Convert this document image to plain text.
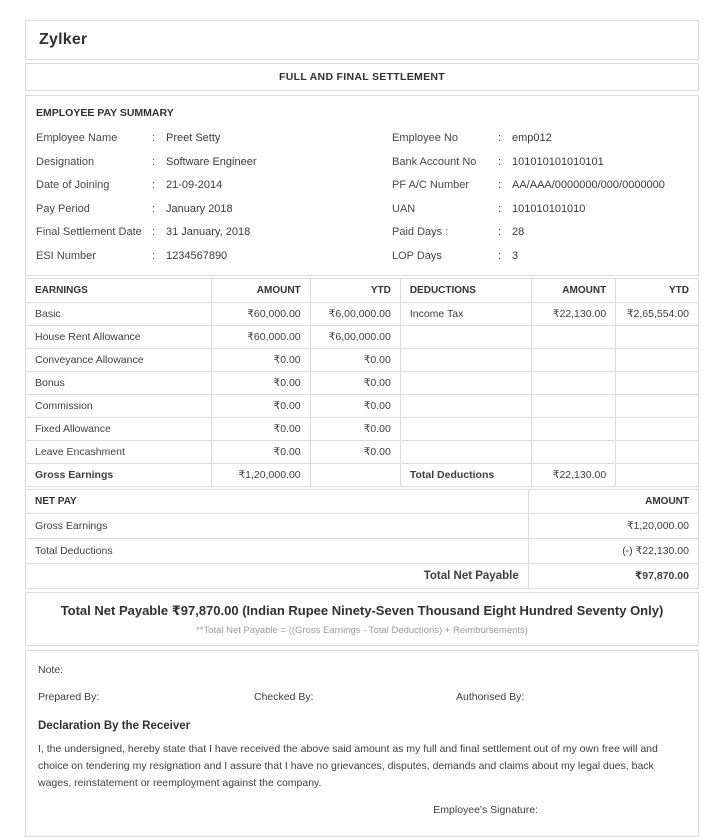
Zylker
FULL AND FINAL SETTLEMENT
EMPLOYEE PAY SUMMARY
Employee Name :	Preet Setty
Designation :	Software Engineer
Date of Joining :	21-09-2014
Pay Period :	January 2018
Final Settlement Date :	31 January, 2018
ESI Number :	1234567890
Employee No :	emp012
Bank Account No :	101010101010101
PF A/C Number :	AA/AAA/0000000/000/0000000
UAN :	101010101010
Paid Days : :	28
LOP Days :	3
EARNINGS	AMOUNT	YTD	DEDUCTIONS	AMOUNT	YTD
Basic	₹60,000.00	₹6,00,000.00	Income Tax	₹22,130.00	₹2,65,554.00
House Rent Allowance	₹60,000.00	₹6,00,000.00			
Conveyance Allowance	₹0.00	₹0.00			
Bonus	₹0.00	₹0.00			
Commission	₹0.00	₹0.00			
Fixed Allowance	₹0.00	₹0.00			
Leave Encashment	₹0.00	₹0.00			
Gross Earnings	₹1,20,000.00		Total Deductions	₹22,130.00	
NET PAY	AMOUNT
Gross Earnings	₹1,20,000.00
Total Deductions	(-) ₹22,130.00
Total Net Payable	₹97,870.00
Total Net Payable ₹97,870.00 (Indian Rupee Ninety-Seven Thousand Eight Hundred Seventy Only)
**Total Net Payable = ((Gross Earnings - Total Deductions) + Reimbursements)
Note:
Prepared By:	Checked By:	Authorised By:
Declaration By the Receiver

I, the undersigned, hereby state that I have received the above said amount as my full and final settlement out of my own free will and choice on tendering my resignation and I assure that I have no grievances, disputes, demands and claims about my legal dues, back wages, reinstatement or reemployment against the company.

Employee's Signature:
